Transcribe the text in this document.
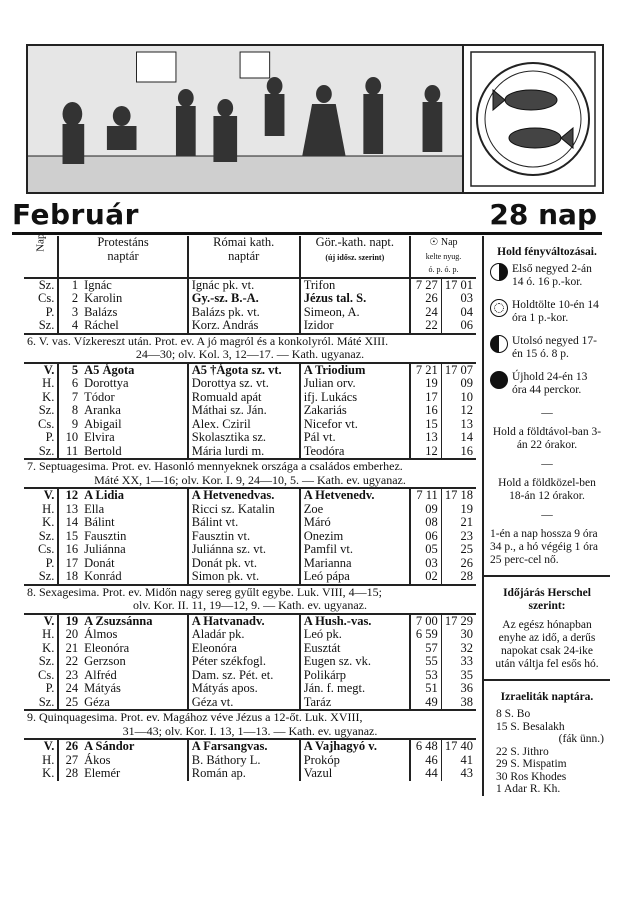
Február	28 nap
Nap	Protestáns
naptár		Római kath.
naptár	Gör.-kath. napt.
(új idősz. szerint)	☉ Nap
kelte nyug.
ó. p. ó. p.	
Sz.	1	Ignác	Ignác pk. vt.	Trifon	7 27	17 01
Cs.	2	Karolin	Gy.-sz. B.-A.	Jézus tal. S.	26	03
P.	3	Balázs	Balázs pk. vt.	Simeon, A.	24	04
Sz.	4	Ráchel	Korz. András	Izidor	22	06

6. V. vas. Vízkereszt után. Prot. ev. A jó magról és a konkolyról. Máté XIII.
24—30; olv. Kol. 3, 12—17. — Kath. ugyanaz.						

V.	5	A5 Ágota	A5 †Ágota sz. vt.	A Triodium	7 21	17 07
H.	6	Dorottya	Dorottya sz. vt.	Julian orv.	19	09
K.	7	Tódor	Romuald apát	ifj. Lukács	17	10
Sz.	8	Aranka	Máthai sz. Ján.	Zakariás	16	12
Cs.	9	Abigail	Alex. Cziril	Nicefor vt.	15	13
P.	10	Elvira	Skolasztika sz.	Pál vt.	13	14
Sz.	11	Bertold	Mária lurdi m.	Teodóra	12	16

7. Septuagesima. Prot. ev. Hasonló mennyeknek országa a családos emberhez.
Máté XX, 1—16; olv. Kor. I. 9, 24—10, 5. — Kath. ev. ugyanaz.						

V.	12	A Lidia	A Hetvenedvas.	A Hetvenedv.	7 11	17 18
H.	13	Ella	Ricci sz. Katalin	Zoe	09	19
K.	14	Bálint	Bálint vt.	Máró	08	21
Sz.	15	Fausztin	Fausztin vt.	Onezim	06	23
Cs.	16	Juliánna	Juliánna sz. vt.	Pamfil vt.	05	25
P.	17	Donát	Donát pk. vt.	Marianna	03	26
Sz.	18	Konrád	Simon pk. vt.	Leó pápa	02	28

8. Sexagesima. Prot. ev. Midőn nagy sereg gyűlt egybe. Luk. VIII, 4—15;
olv. Kor. II. 11, 19—12, 9. — Kath. ev. ugyanaz.						

V.	19	A Zsuzsánna	A Hatvanadv.	A Hush.-vas.	7 00	17 29
H.	20	Álmos	Aladár pk.	Leó pk.	6 59	30
K.	21	Eleonóra	Eleonóra	Eusztát	57	32
Sz.	22	Gerzson	Péter székfogl.	Eugen sz. vk.	55	33
Cs.	23	Alfréd	Dam. sz. Pét. et.	Polikárp	53	35
P.	24	Mátyás	Mátyás apos.	Ján. f. megt.	51	36
Sz.	25	Géza	Géza vt.	Taráz	49	38

9. Quinquagesima. Prot. ev. Magához véve Jézus a 12-őt. Luk. XVIII,
31—43; olv. Kor. I. 13, 1—13. — Kath. ev. ugyanaz.						

V.	26	A Sándor	A Farsangvas.	A Vajhagyó v.	6 48	17 40
H.	27	Ákos	B. Báthory L.	Prokóp	46	41
K.	28	Elemér	Román ap.	Vazul	44	43
Hold fényváltozásai.
Első negyed 2-án 14 ó. 16 p.-kor.
Holdtölte 10-én 14 óra 1 p.-kor.
Utolsó negyed 17-én 15 ó. 8 p.
Újhold 24-én 13 óra 44 perckor.
—

Hold a földtávol-ban 3-án 22 órakor.

—

Hold a földközel-ben 18-án 12 órakor.

—

1-én a nap hossza 9 óra 34 p., a hó végéig 1 óra 25 perc-cel nő.

Időjárás Herschel szerint:

Az egész hónapban enyhe az idő, a derűs napokat csak 24-ike után váltja fel esős hó.

Izraeliták naptára.
8 S. Bo
15 S. Besalakh
(fák ünn.)
22 S. Jithro
29 S. Mispatim
30 Ros Khodes
1 Adar R. Kh.
